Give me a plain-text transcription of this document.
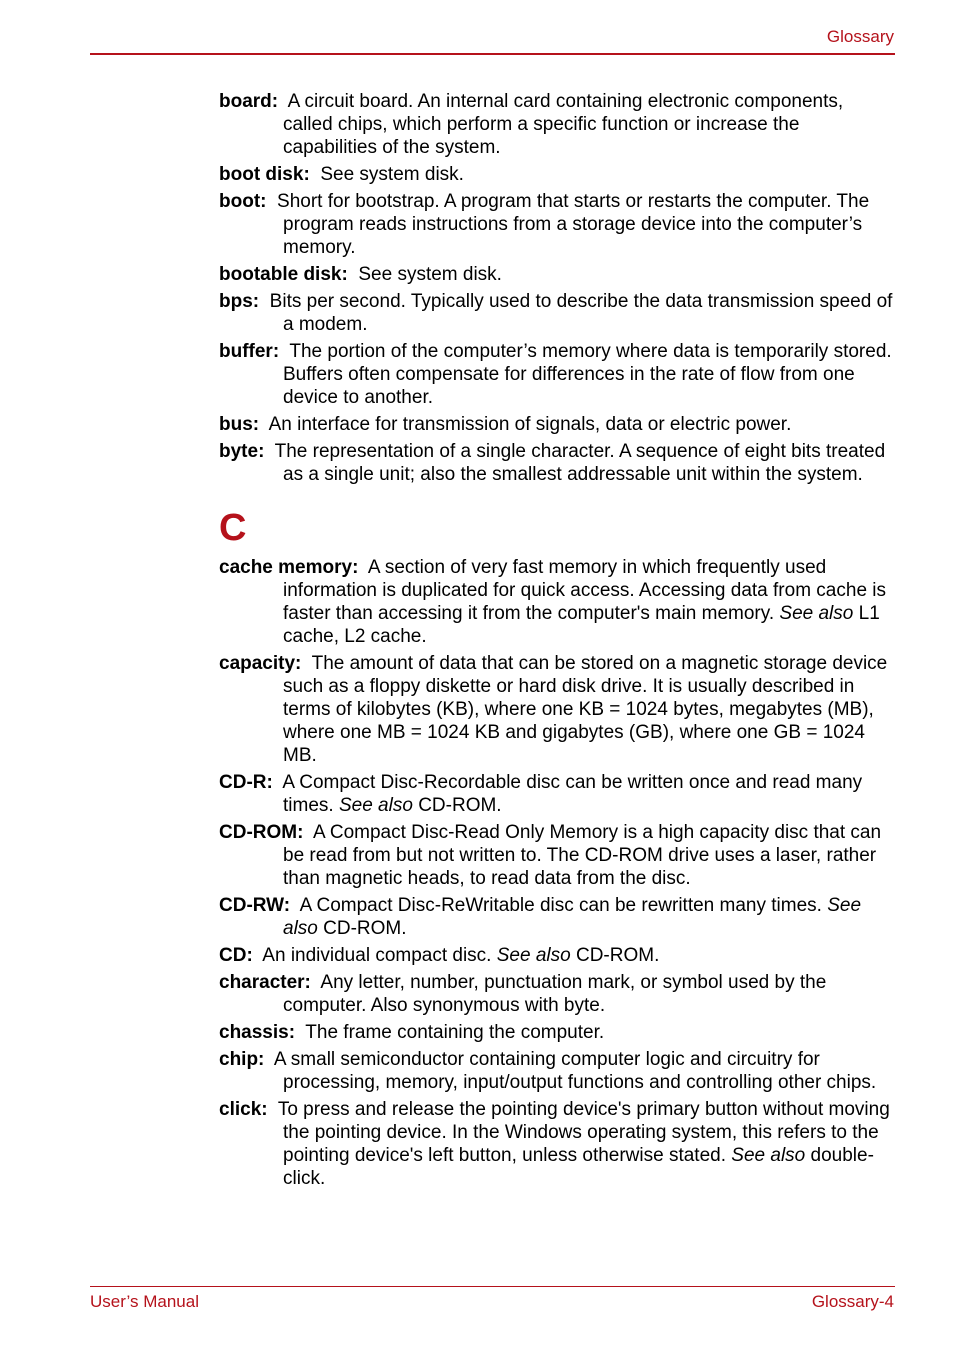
Glossary
board: A circuit board. An internal card containing electronic components, called chips, which perform a specific function or increase the capabilities of the system.
boot disk: See system disk.
boot: Short for bootstrap. A program that starts or restarts the computer. The program reads instructions from a storage device into the computer’s memory.
bootable disk: See system disk.
bps: Bits per second. Typically used to describe the data transmission speed of a modem.
buffer: The portion of the computer’s memory where data is temporarily stored. Buffers often compensate for differences in the rate of flow from one device to another.
bus: An interface for transmission of signals, data or electric power.
byte: The representation of a single character. A sequence of eight bits treated as a single unit; also the smallest addressable unit within the system.
C
cache memory: A section of very fast memory in which frequently used information is duplicated for quick access. Accessing data from cache is faster than accessing it from the computer's main memory. See also L1 cache, L2 cache.
capacity: The amount of data that can be stored on a magnetic storage device such as a floppy diskette or hard disk drive. It is usually described in terms of kilobytes (KB), where one KB = 1024 bytes, megabytes (MB), where one MB = 1024 KB and gigabytes (GB), where one GB = 1024 MB.
CD-R: A Compact Disc-Recordable disc can be written once and read many times. See also CD-ROM.
CD-ROM: A Compact Disc-Read Only Memory is a high capacity disc that can be read from but not written to. The CD-ROM drive uses a laser, rather than magnetic heads, to read data from the disc.
CD-RW: A Compact Disc-ReWritable disc can be rewritten many times. See also CD-ROM.
CD: An individual compact disc. See also CD-ROM.
character: Any letter, number, punctuation mark, or symbol used by the computer. Also synonymous with byte.
chassis: The frame containing the computer.
chip: A small semiconductor containing computer logic and circuitry for processing, memory, input/output functions and controlling other chips.
click: To press and release the pointing device's primary button without moving the pointing device. In the Windows operating system, this refers to the pointing device's left button, unless otherwise stated. See also double-click.
User’s Manual	Glossary-4
